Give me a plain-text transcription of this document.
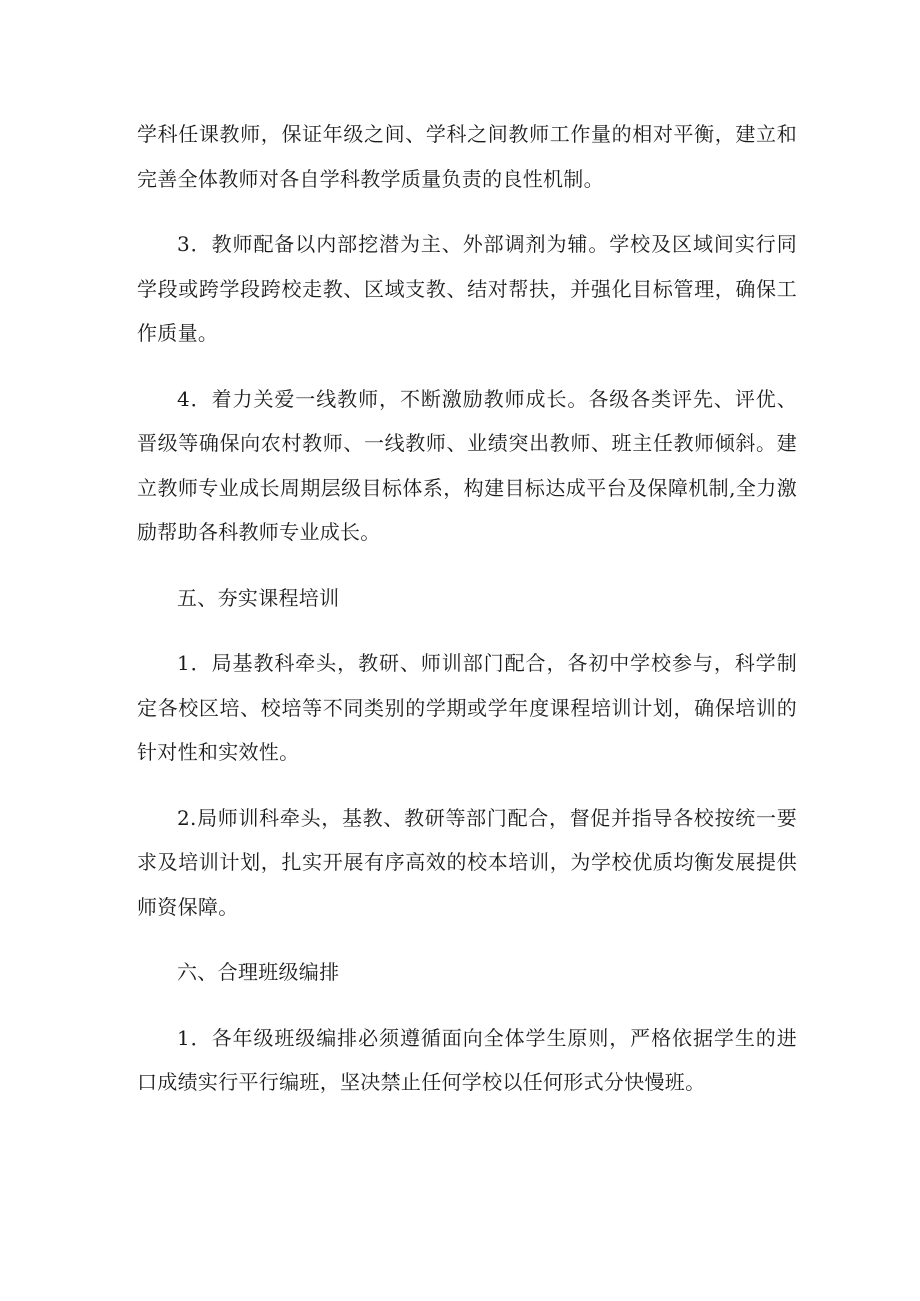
学科任课教师，保证年级之间、学科之间教师工作量的相对平衡，建立和完善全体教师对各自学科教学质量负责的良性机制。

3．教师配备以内部挖潜为主、外部调剂为辅。学校及区域间实行同学段或跨学段跨校走教、区域支教、结对帮扶，并强化目标管理，确保工作质量。

4．着力关爱一线教师，不断激励教师成长。各级各类评先、评优、晋级等确保向农村教师、一线教师、业绩突出教师、班主任教师倾斜。建立教师专业成长周期层级目标体系，构建目标达成平台及保障机制,全力激励帮助各科教师专业成长。

五、夯实课程培训

1．局基教科牵头，教研、师训部门配合，各初中学校参与，科学制定各校区培、校培等不同类别的学期或学年度课程培训计划，确保培训的针对性和实效性。

2.局师训科牵头，基教、教研等部门配合，督促并指导各校按统一要求及培训计划，扎实开展有序高效的校本培训，为学校优质均衡发展提供师资保障。

六、合理班级编排

1．各年级班级编排必须遵循面向全体学生原则，严格依据学生的进口成绩实行平行编班，坚决禁止任何学校以任何形式分快慢班。
